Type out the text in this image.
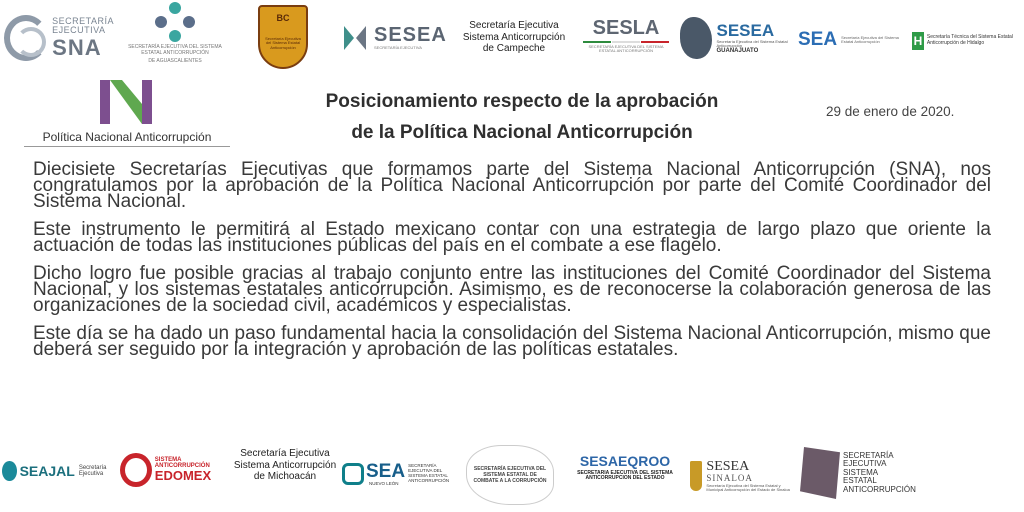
SECRETARÍA
EJECUTIVA
SNA	SECRETARÍA EJECUTIVA DEL SISTEMA ESTATAL ANTICORRUPCIÓN
DE AGUASCALIENTES
BC
Secretaría Ejecutiva del Sistema Estatal Anticorrupción
SESEA
SECRETARÍA EJECUTIVA
Secretaría Ejecutiva Sistema Anticorrupción de Campeche
SESLA
SECRETARÍA EJECUTIVA DEL SISTEMA ESTATAL ANTICORRUPCIÓN
SESEA
Secretaría Ejecutiva del Sistema Estatal Anticorrupción
GUANAJUATO
SEA Secretaría Ejecutiva del Sistema Estatal Anticorrupción	H Secretaría Técnica del Sistema Estatal Anticorrupción de Hidalgo
Política Nacional Anticorrupción
Posicionamiento respecto de la aprobación
de la Política Nacional Anticorrupción
29 de enero de 2020.

Diecisiete Secretarías Ejecutivas que formamos parte del Sistema Nacional Anticorrupción (SNA), nos congratulamos por la aprobación de la Política Nacional Anticorrupción por parte del Comité Coordinador del Sistema Nacional.

Este instrumento le permitirá al Estado mexicano contar con una estrategia de largo plazo que oriente la actuación de todas las instituciones públicas del país en el combate a ese flagelo.

Dicho logro fue posible gracias al trabajo conjunto entre las instituciones del Comité Coordinador del Sistema Nacional, y los sistemas estatales anticorrupción. Asimismo, es de reconocerse la colaboración generosa de las organizaciones de la sociedad civil, académicos y especialistas.

Este día se ha dado un paso fundamental hacia la consolidación del Sistema Nacional Anticorrupción, mismo que deberá ser seguido por la integración y aprobación de las políticas estatales.

SEAJAL Secretaría Ejecutiva
SISTEMA ANTICORRUPCIÓN
EDOMEX
Secretaría Ejecutiva Sistema Anticorrupción de Michoacán	SEA
NUEVO LEÓN
SECRETARÍA EJECUTIVA DEL SISTEMA ESTATAL ANTICORRUPCIÓN
SECRETARÍA EJECUTIVA DEL SISTEMA ESTATAL DE COMBATE A LA CORRUPCIÓN
SESAEQROO
SECRETARIA EJECUTIVA DEL SISTEMA ANTICORRUPCION DEL ESTADO
SESEA
SINALOA
Secretaría Ejecutiva del Sistema Estatal y Municipal Anticorrupción del Estado de Sinaloa
SECRETARÍA
EJECUTIVA
SISTEMA
ESTATAL
ANTICORRUPCIÓN
